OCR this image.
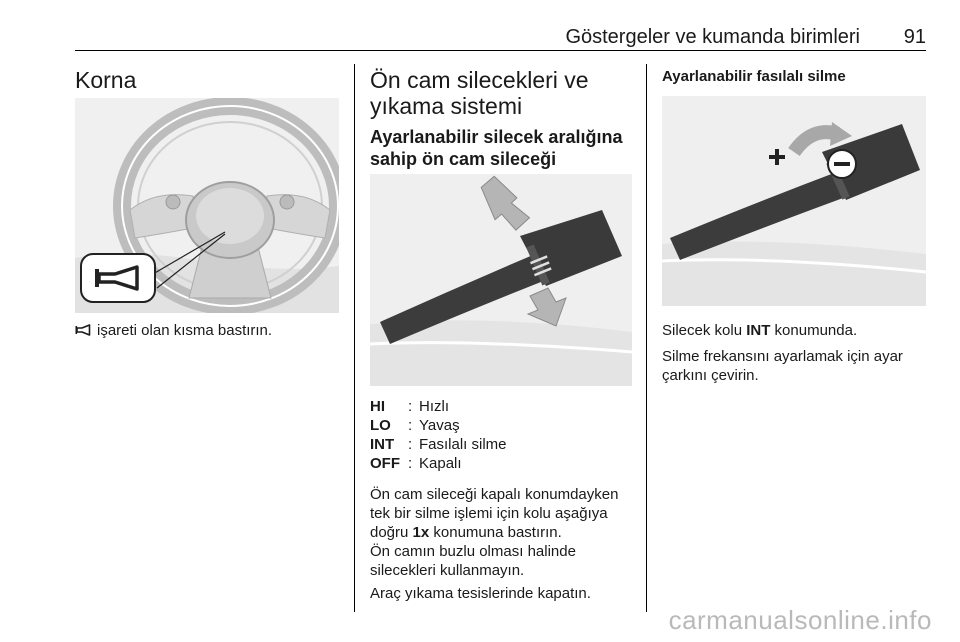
Göstergeler ve kumanda birimleri 91
Korna
işareti olan kısma bastırın.
Ön cam silecekleri ve
yıkama sistemi
Ayarlanabilir silecek aralığına
sahip ön cam sileceği
HI	:	Hızlı
LO	:	Yavaş
INT	:	Fasılalı silme
OFF	:	Kapalı
Ön cam sileceği kapalı konumdayken
tek bir silme işlemi için kolu aşağıya
doğru 1x konumuna bastırın.
Ön camın buzlu olması halinde
silecekleri kullanmayın.
Araç yıkama tesislerinde kapatın.
Ayarlanabilir fasılalı silme
Silecek kolu INT konumunda.
Silme frekansını ayarlamak için ayar
çarkını çevirin.
carmanualsonline.info
